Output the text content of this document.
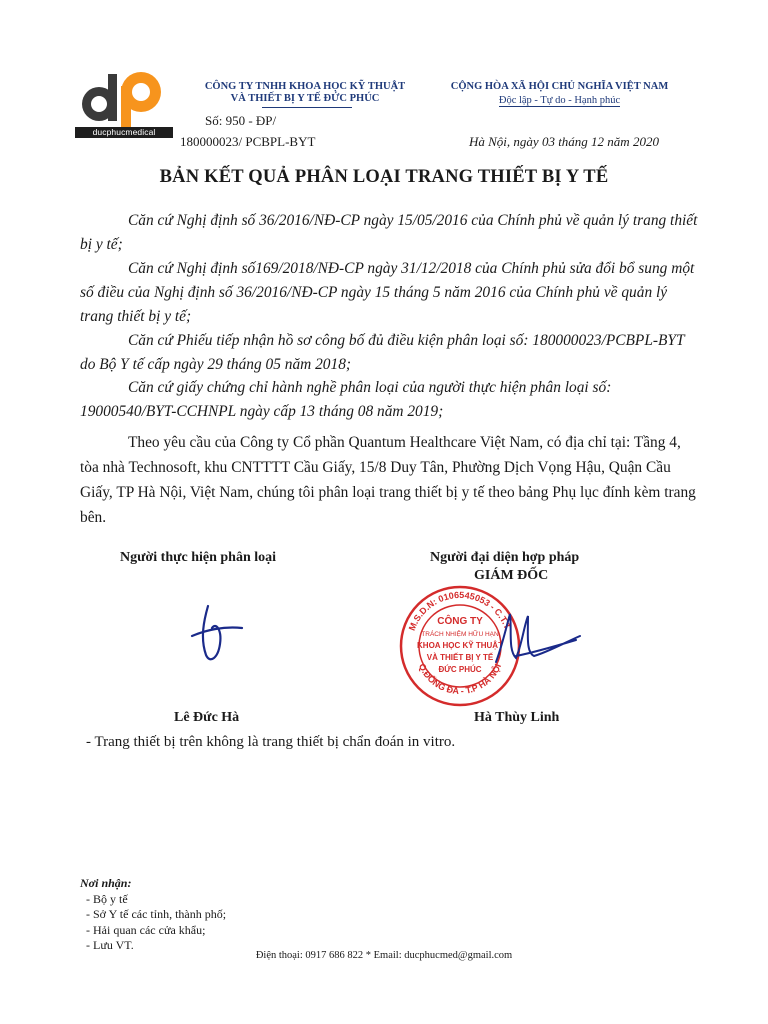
ducphucmedical
CÔNG TY TNHH KHOA HỌC KỸ THUẬT
VÀ THIẾT BỊ Y TẾ ĐỨC PHÚC
Số: 950 - ĐP/
180000023/ PCBPL-BYT
CỘNG HÒA XÃ HỘI CHỦ NGHĨA VIỆT NAM
Độc lập - Tự do - Hạnh phúc
Hà Nội, ngày 03 tháng 12 năm 2020
BẢN KẾT QUẢ PHÂN LOẠI TRANG THIẾT BỊ Y TẾ
Căn cứ Nghị định số 36/2016/NĐ-CP ngày 15/05/2016 của Chính phủ về quản lý trang thiết bị y tế;
Căn cứ Nghị định số169/2018/NĐ-CP ngày 31/12/2018 của Chính phủ sửa đổi bổ sung một số điều của Nghị định số 36/2016/NĐ-CP ngày 15 tháng 5 năm 2016 của Chính phủ về quản lý trang thiết bị y tế;
Căn cứ Phiếu tiếp nhận hồ sơ công bố đủ điều kiện phân loại số: 180000023/PCBPL-BYT do Bộ Y tế cấp ngày 29 tháng 05 năm 2018;
Căn cứ giấy chứng chỉ hành nghề phân loại của người thực hiện phân loại số: 19000540/BYT-CCHNPL ngày cấp 13 tháng 08 năm 2019;
Theo yêu cầu của Công ty Cổ phần Quantum Healthcare Việt Nam, có địa chỉ tại: Tầng 4, tòa nhà Technosoft, khu CNTTTT Cầu Giấy, 15/8 Duy Tân, Phường Dịch Vọng Hậu, Quận Cầu Giấy, TP Hà Nội, Việt Nam, chúng tôi phân loại trang thiết bị y tế theo bảng Phụ lục đính kèm trang bên.
Người thực hiện phân loại	Người đại diện hợp pháp
GIÁM ĐỐC
M.S.D.N: 0106545053 - C.T.T.
Q.ĐỐNG ĐA - T.P HÀ NỘI
CÔNG TY
TRÁCH NHIỆM HỮU HẠN
KHOA HỌC KỸ THUẬT
VÀ THIẾT BỊ Y TẾ
ĐỨC PHÚC
Lê Đức Hà	Hà Thùy Linh
- Trang thiết bị trên không là trang thiết bị chẩn đoán in vitro.
Nơi nhận:
- Bộ y tế
- Sở Y tế các tỉnh, thành phố;
- Hải quan các cửa khẩu;
- Lưu VT.
Điện thoại: 0917 686 822 * Email: ducphucmed@gmail.com
